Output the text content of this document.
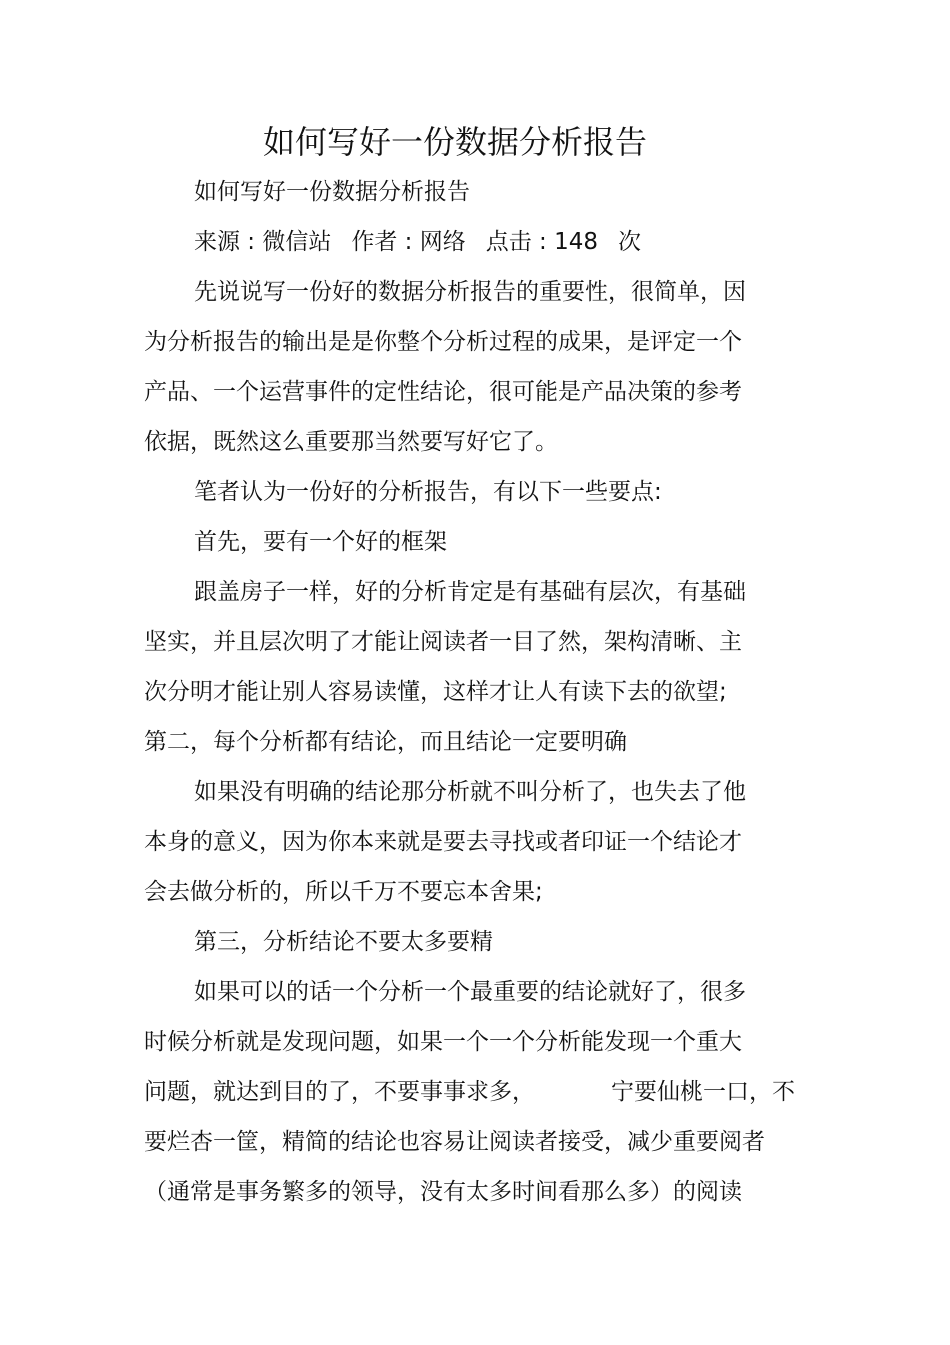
如何写好一份数据分析报告
如何写好一份数据分析报告
来源 : 微信站 作者 : 网络 点击 : 148 次
先说说写一份好的数据分析报告的重要性，很简单，因
为分析报告的输出是是你整个分析过程的成果，是评定一个
产品、一个运营事件的定性结论，很可能是产品决策的参考
依据，既然这么重要那当然要写好它了。
笔者认为一份好的分析报告，有以下一些要点:
首先，要有一个好的框架
跟盖房子一样，好的分析肯定是有基础有层次，有基础
坚实，并且层次明了才能让阅读者一目了然，架构清晰、主
次分明才能让别人容易读懂，这样才让人有读下去的欲望;
第二，每个分析都有结论，而且结论一定要明确
如果没有明确的结论那分析就不叫分析了，也失去了他
本身的意义，因为你本来就是要去寻找或者印证一个结论才
会去做分析的，所以千万不要忘本舍果;
第三，分析结论不要太多要精
如果可以的话一个分析一个最重要的结论就好了，很多
时候分析就是发现问题，如果一个一个分析能发现一个重大
问题，就达到目的了，不要事事求多，	宁要仙桃一口，不
要烂杏一筐，精简的结论也容易让阅读者接受，减少重要阅者
（通常是事务繁多的领导，没有太多时间看那么多）的阅读
